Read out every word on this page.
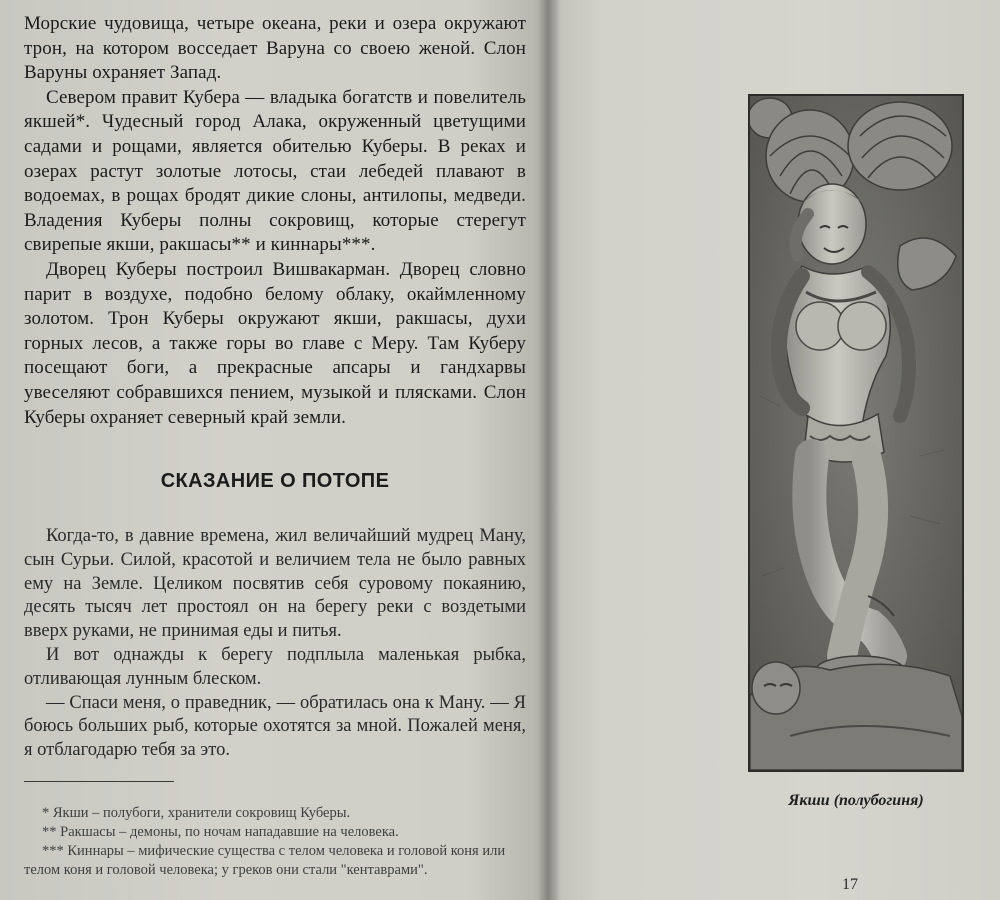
Морские чудовища, четыре океана, реки и озера окружают трон, на котором восседает Варуна со своею женой. Слон Варуны охраняет Запад.

Севером правит Кубера — владыка богатств и повелитель якшей*. Чудесный город Алака, окруженный цветущими садами и рощами, является обителью Куберы. В реках и озерах растут золотые лотосы, стаи лебедей плавают в водоемах, в рощах бродят дикие слоны, антилопы, медведи. Владения Куберы полны сокровищ, которые стерегут свирепые якши, ракшасы** и киннары***.

Дворец Куберы построил Вишвакарман. Дворец словно парит в воздухе, подобно белому облаку, окаймленному золотом. Трон Куберы окружают якши, ракшасы, духи горных лесов, а также горы во главе с Меру. Там Куберу посещают боги, а прекрасные апсары и гандхарвы увеселяют собравшихся пением, музыкой и плясками. Слон Куберы охраняет северный край земли.

СКАЗАНИЕ О ПОТОПЕ

Когда-то, в давние времена, жил величайший мудрец Ману, сын Сурьи. Силой, красотой и величием тела не было равных ему на Земле. Целиком посвятив себя суровому покаянию, десять тысяч лет простоял он на берегу реки с воздетыми вверх руками, не принимая еды и питья.

И вот однажды к берегу подплыла маленькая рыбка, отливающая лунным блеском.

— Спаси меня, о праведник, — обратилась она к Ману. — Я боюсь больших рыб, которые охотятся за мной. Пожалей меня, я отблагодарю тебя за это.

* Якши – полубоги, хранители сокровищ Куберы.

** Ракшасы – демоны, по ночам нападавшие на человека.

*** Киннары – мифические существа с телом человека и головой коня или телом коня и головой человека; у греков они стали "кентаврами".

Якши (полубогиня)
17
